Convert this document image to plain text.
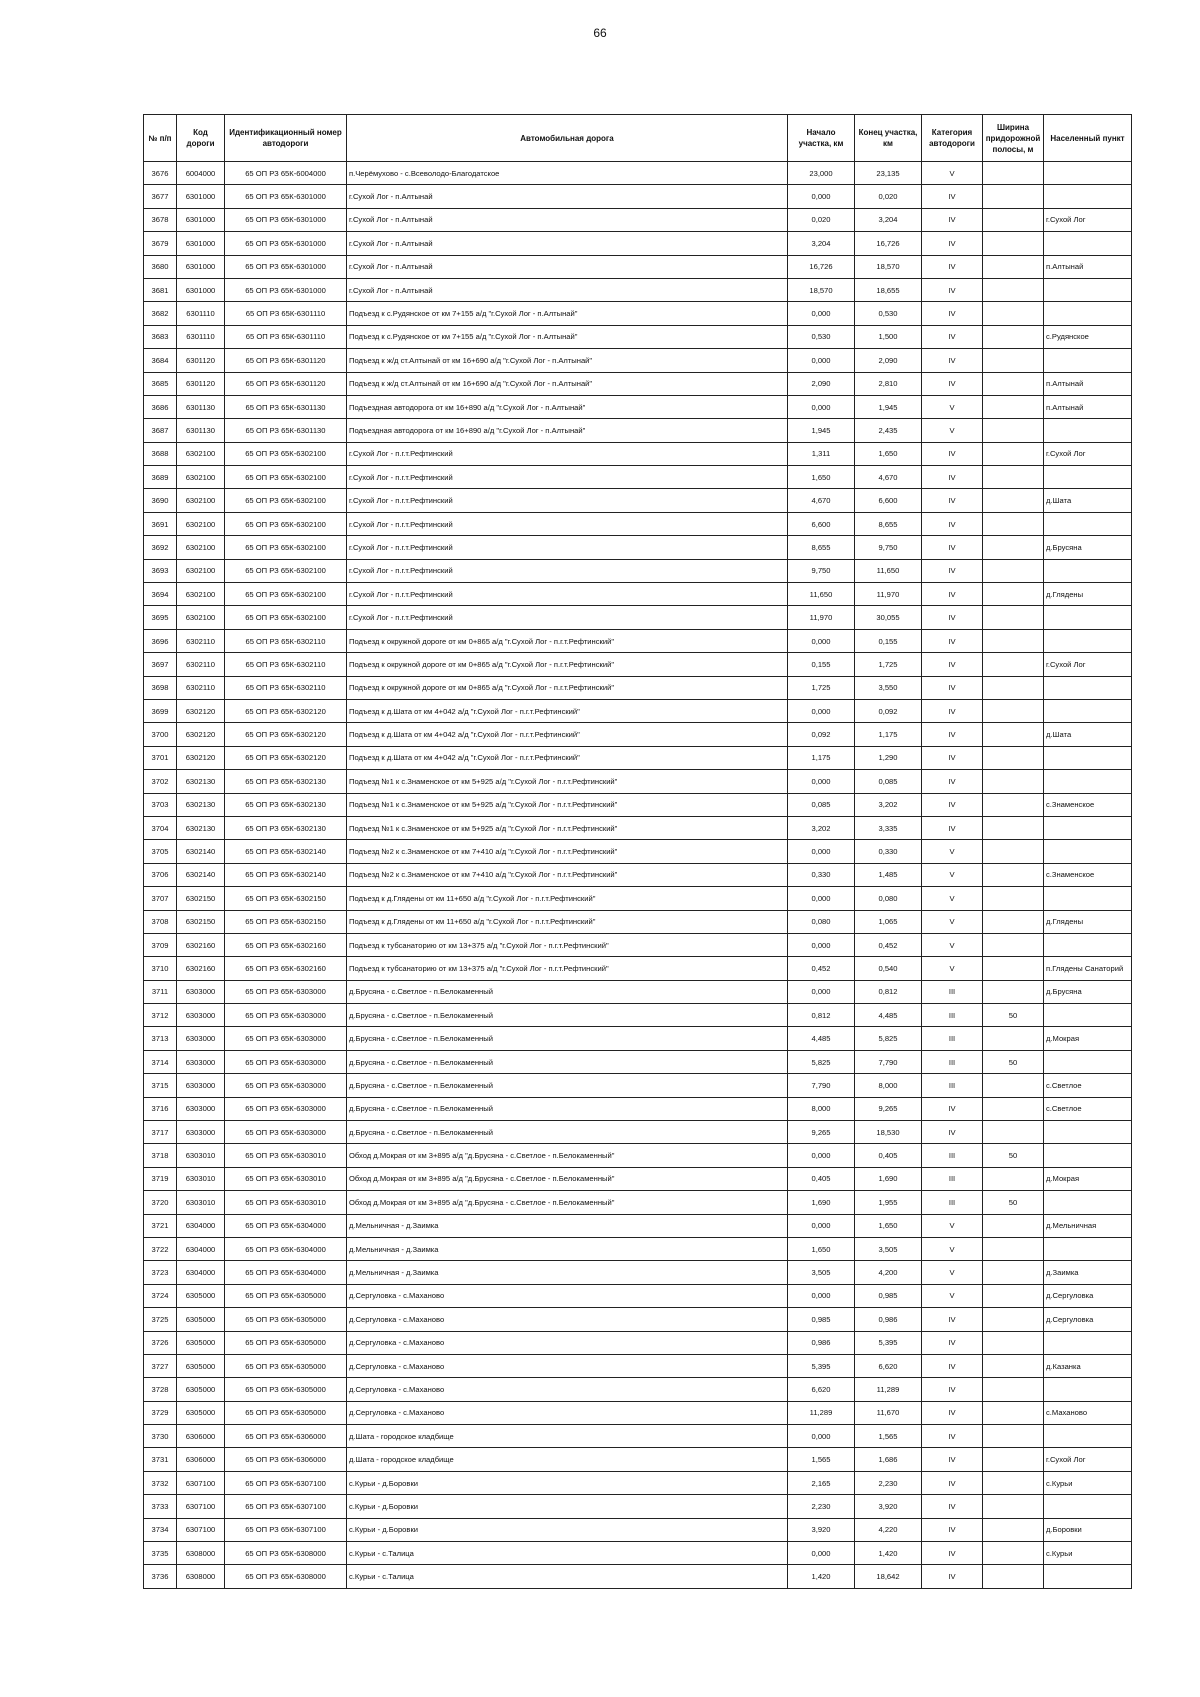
66
№ п/п	Код дороги	Идентификационный номер автодороги	Автомобильная дорога	Начало участка, км	Конец участка, км	Категория автодороги	Ширина придорожной полосы, м	Населенный пункт
3676	6004000	65 ОП РЗ 65К-6004000	п.Черёмухово - с.Всеволодо-Благодатское	23,000	23,135	V		
3677	6301000	65 ОП РЗ 65К-6301000	г.Сухой Лог - п.Алтынай	0,000	0,020	IV		
3678	6301000	65 ОП РЗ 65К-6301000	г.Сухой Лог - п.Алтынай	0,020	3,204	IV		г.Сухой Лог
3679	6301000	65 ОП РЗ 65К-6301000	г.Сухой Лог - п.Алтынай	3,204	16,726	IV		
3680	6301000	65 ОП РЗ 65К-6301000	г.Сухой Лог - п.Алтынай	16,726	18,570	IV		п.Алтынай
3681	6301000	65 ОП РЗ 65К-6301000	г.Сухой Лог - п.Алтынай	18,570	18,655	IV		
3682	6301110	65 ОП РЗ 65К-6301110	Подъезд к с.Рудянское от км 7+155 а/д "г.Сухой Лог - п.Алтынай"	0,000	0,530	IV		
3683	6301110	65 ОП РЗ 65К-6301110	Подъезд к с.Рудянское от км 7+155 а/д "г.Сухой Лог - п.Алтынай"	0,530	1,500	IV		с.Рудянское
3684	6301120	65 ОП РЗ 65К-6301120	Подъезд к ж/д ст.Алтынай от км 16+690 а/д "г.Сухой Лог - п.Алтынай"	0,000	2,090	IV		
3685	6301120	65 ОП РЗ 65К-6301120	Подъезд к ж/д ст.Алтынай от км 16+690 а/д "г.Сухой Лог - п.Алтынай"	2,090	2,810	IV		п.Алтынай
3686	6301130	65 ОП РЗ 65К-6301130	Подъездная автодорога от км 16+890 а/д "г.Сухой Лог - п.Алтынай"	0,000	1,945	V		п.Алтынай
3687	6301130	65 ОП РЗ 65К-6301130	Подъездная автодорога от км 16+890 а/д "г.Сухой Лог - п.Алтынай"	1,945	2,435	V		
3688	6302100	65 ОП РЗ 65К-6302100	г.Сухой Лог - п.г.т.Рефтинский	1,311	1,650	IV		г.Сухой Лог
3689	6302100	65 ОП РЗ 65К-6302100	г.Сухой Лог - п.г.т.Рефтинский	1,650	4,670	IV		
3690	6302100	65 ОП РЗ 65К-6302100	г.Сухой Лог - п.г.т.Рефтинский	4,670	6,600	IV		д.Шата
3691	6302100	65 ОП РЗ 65К-6302100	г.Сухой Лог - п.г.т.Рефтинский	6,600	8,655	IV		
3692	6302100	65 ОП РЗ 65К-6302100	г.Сухой Лог - п.г.т.Рефтинский	8,655	9,750	IV		д.Брусяна
3693	6302100	65 ОП РЗ 65К-6302100	г.Сухой Лог - п.г.т.Рефтинский	9,750	11,650	IV		
3694	6302100	65 ОП РЗ 65К-6302100	г.Сухой Лог - п.г.т.Рефтинский	11,650	11,970	IV		д.Глядены
3695	6302100	65 ОП РЗ 65К-6302100	г.Сухой Лог - п.г.т.Рефтинский	11,970	30,055	IV		
3696	6302110	65 ОП РЗ 65К-6302110	Подъезд к окружной дороге от км 0+865 а/д "г.Сухой Лог - п.г.т.Рефтинский"	0,000	0,155	IV		
3697	6302110	65 ОП РЗ 65К-6302110	Подъезд к окружной дороге от км 0+865 а/д "г.Сухой Лог - п.г.т.Рефтинский"	0,155	1,725	IV		г.Сухой Лог
3698	6302110	65 ОП РЗ 65К-6302110	Подъезд к окружной дороге от км 0+865 а/д "г.Сухой Лог - п.г.т.Рефтинский"	1,725	3,550	IV		
3699	6302120	65 ОП РЗ 65К-6302120	Подъезд к д.Шата от км 4+042 а/д "г.Сухой Лог - п.г.т.Рефтинский"	0,000	0,092	IV		
3700	6302120	65 ОП РЗ 65К-6302120	Подъезд к д.Шата от км 4+042 а/д "г.Сухой Лог - п.г.т.Рефтинский"	0,092	1,175	IV		д.Шата
3701	6302120	65 ОП РЗ 65К-6302120	Подъезд к д.Шата от км 4+042 а/д "г.Сухой Лог - п.г.т.Рефтинский"	1,175	1,290	IV		
3702	6302130	65 ОП РЗ 65К-6302130	Подъезд №1 к с.Знаменское от км 5+925 а/д "г.Сухой Лог - п.г.т.Рефтинский"	0,000	0,085	IV		
3703	6302130	65 ОП РЗ 65К-6302130	Подъезд №1 к с.Знаменское от км 5+925 а/д "г.Сухой Лог - п.г.т.Рефтинский"	0,085	3,202	IV		с.Знаменское
3704	6302130	65 ОП РЗ 65К-6302130	Подъезд №1 к с.Знаменское от км 5+925 а/д "г.Сухой Лог - п.г.т.Рефтинский"	3,202	3,335	IV		
3705	6302140	65 ОП РЗ 65К-6302140	Подъезд №2 к с.Знаменское от км 7+410 а/д "г.Сухой Лог - п.г.т.Рефтинский"	0,000	0,330	V		
3706	6302140	65 ОП РЗ 65К-6302140	Подъезд №2 к с.Знаменское от км 7+410 а/д "г.Сухой Лог - п.г.т.Рефтинский"	0,330	1,485	V		с.Знаменское
3707	6302150	65 ОП РЗ 65К-6302150	Подъезд к д.Глядены от км 11+650 а/д "г.Сухой Лог - п.г.т.Рефтинский"	0,000	0,080	V		
3708	6302150	65 ОП РЗ 65К-6302150	Подъезд к д.Глядены от км 11+650 а/д "г.Сухой Лог - п.г.т.Рефтинский"	0,080	1,065	V		д.Глядены
3709	6302160	65 ОП РЗ 65К-6302160	Подъезд к тубсанаторию от км 13+375 а/д "г.Сухой Лог - п.г.т.Рефтинский"	0,000	0,452	V		
3710	6302160	65 ОП РЗ 65К-6302160	Подъезд к тубсанаторию от км 13+375 а/д "г.Сухой Лог - п.г.т.Рефтинский"	0,452	0,540	V		п.Глядены Санаторий
3711	6303000	65 ОП РЗ 65К-6303000	д.Брусяна - с.Светлое - п.Белокаменный	0,000	0,812	III		д.Брусяна
3712	6303000	65 ОП РЗ 65К-6303000	д.Брусяна - с.Светлое - п.Белокаменный	0,812	4,485	III	50	
3713	6303000	65 ОП РЗ 65К-6303000	д.Брусяна - с.Светлое - п.Белокаменный	4,485	5,825	III		д.Мокрая
3714	6303000	65 ОП РЗ 65К-6303000	д.Брусяна - с.Светлое - п.Белокаменный	5,825	7,790	III	50	
3715	6303000	65 ОП РЗ 65К-6303000	д.Брусяна - с.Светлое - п.Белокаменный	7,790	8,000	III		с.Светлое
3716	6303000	65 ОП РЗ 65К-6303000	д.Брусяна - с.Светлое - п.Белокаменный	8,000	9,265	IV		с.Светлое
3717	6303000	65 ОП РЗ 65К-6303000	д.Брусяна - с.Светлое - п.Белокаменный	9,265	18,530	IV		
3718	6303010	65 ОП РЗ 65К-6303010	Обход д.Мокрая от км 3+895 а/д "д.Брусяна - с.Светлое - п.Белокаменный"	0,000	0,405	III	50	
3719	6303010	65 ОП РЗ 65К-6303010	Обход д.Мокрая от км 3+895 а/д "д.Брусяна - с.Светлое - п.Белокаменный"	0,405	1,690	III		д.Мокрая
3720	6303010	65 ОП РЗ 65К-6303010	Обход д.Мокрая от км 3+895 а/д "д.Брусяна - с.Светлое - п.Белокаменный"	1,690	1,955	III	50	
3721	6304000	65 ОП РЗ 65К-6304000	д.Мельничная - д.Заимка	0,000	1,650	V		д.Мельничная
3722	6304000	65 ОП РЗ 65К-6304000	д.Мельничная - д.Заимка	1,650	3,505	V		
3723	6304000	65 ОП РЗ 65К-6304000	д.Мельничная - д.Заимка	3,505	4,200	V		д.Заимка
3724	6305000	65 ОП РЗ 65К-6305000	д.Сергуловка - с.Маханово	0,000	0,985	V		д.Сергуловка
3725	6305000	65 ОП РЗ 65К-6305000	д.Сергуловка - с.Маханово	0,985	0,986	IV		д.Сергуловка
3726	6305000	65 ОП РЗ 65К-6305000	д.Сергуловка - с.Маханово	0,986	5,395	IV		
3727	6305000	65 ОП РЗ 65К-6305000	д.Сергуловка - с.Маханово	5,395	6,620	IV		д.Казанка
3728	6305000	65 ОП РЗ 65К-6305000	д.Сергуловка - с.Маханово	6,620	11,289	IV		
3729	6305000	65 ОП РЗ 65К-6305000	д.Сергуловка - с.Маханово	11,289	11,670	IV		с.Маханово
3730	6306000	65 ОП РЗ 65К-6306000	д.Шата - городское кладбище	0,000	1,565	IV		
3731	6306000	65 ОП РЗ 65К-6306000	д.Шата - городское кладбище	1,565	1,686	IV		г.Сухой Лог
3732	6307100	65 ОП РЗ 65К-6307100	с.Курьи - д.Боровки	2,165	2,230	IV		с.Курьи
3733	6307100	65 ОП РЗ 65К-6307100	с.Курьи - д.Боровки	2,230	3,920	IV		
3734	6307100	65 ОП РЗ 65К-6307100	с.Курьи - д.Боровки	3,920	4,220	IV		д.Боровки
3735	6308000	65 ОП РЗ 65К-6308000	с.Курьи - с.Талица	0,000	1,420	IV		с.Курьи
3736	6308000	65 ОП РЗ 65К-6308000	с.Курьи - с.Талица	1,420	18,642	IV		
